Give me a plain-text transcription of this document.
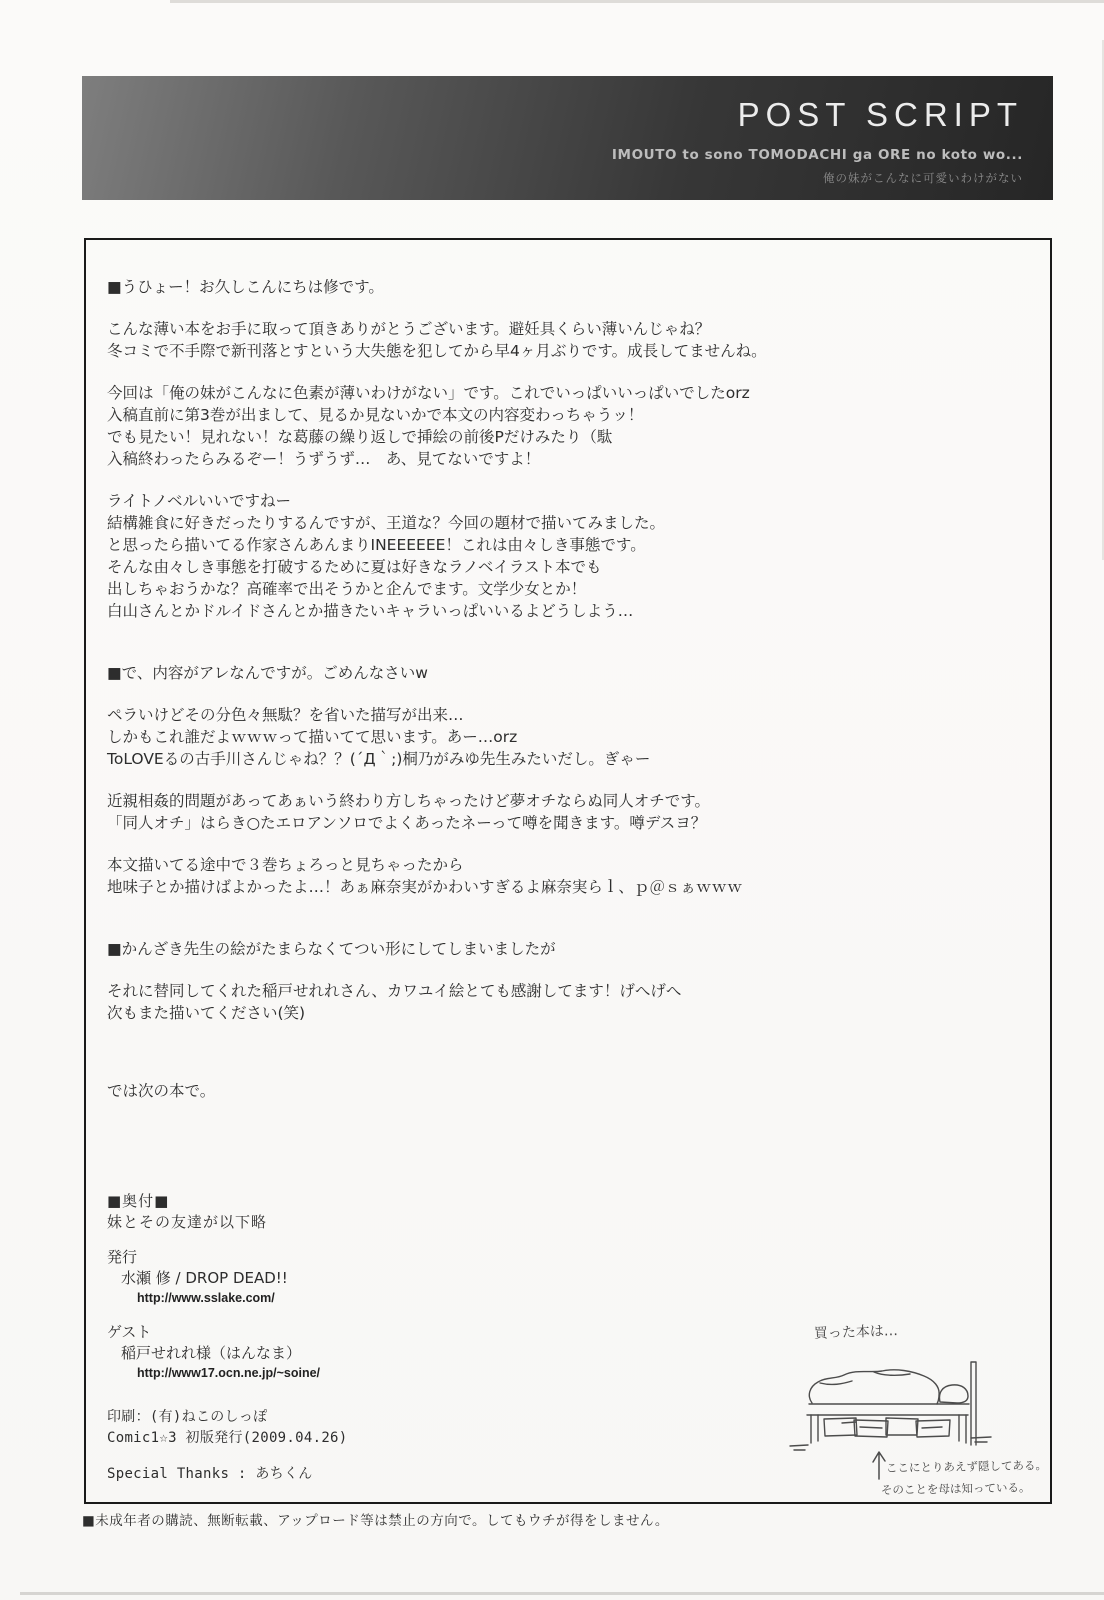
POST SCRIPT
IMOUTO to sono TOMODACHI ga ORE no koto wo...
俺の妹がこんなに可愛いわけがない

■うひょー！お久しこんにちは修です。

こんな薄い本をお手に取って頂きありがとうございます。避妊具くらい薄いんじゃね？
冬コミで不手際で新刊落とすという大失態を犯してから早4ヶ月ぶりです。成長してませんね。

今回は「俺の妹がこんなに色素が薄いわけがない」です。これでいっぱいいっぱいでしたorz
入稿直前に第3巻が出まして、見るか見ないかで本文の内容変わっちゃうッ！
でも見たい！見れない！な葛藤の繰り返しで挿絵の前後Pだけみたり（駄
入稿終わったらみるぞー！うずうず…　あ、見てないですよ！

ライトノベルいいですねー
結構雑食に好きだったりするんですが、王道な？今回の題材で描いてみました。
と思ったら描いてる作家さんあんまりINEEEEEE！これは由々しき事態です。
そんな由々しき事態を打破するために夏は好きなラノベイラスト本でも
出しちゃおうかな？高確率で出そうかと企んでます。文学少女とか！
白山さんとかドルイドさんとか描きたいキャラいっぱいいるよどうしよう…

■で、内容がアレなんですが。ごめんなさいw

ペラいけどその分色々無駄？を省いた描写が出来…
しかもこれ誰だよｗｗｗって描いてて思います。あー…orz
ToLOVEるの古手川さんじゃね？？(´Д｀;)桐乃がみゆ先生みたいだし。ぎゃー

近親相姦的問題があってあぁいう終わり方しちゃったけど夢オチならぬ同人オチです。
「同人オチ」はらき○たエロアンソロでよくあったネーって噂を聞きます。噂デスヨ？

本文描いてる途中で３巻ちょろっと見ちゃったから
地味子とか描けばよかったよ…！あぁ麻奈実がかわいすぎるよ麻奈実らｌ、ｐ＠ｓぁｗｗｗ

■かんざき先生の絵がたまらなくてつい形にしてしまいましたが

それに替同してくれた稲戸せれれさん、カワユイ絵とても感謝してます！げへげへ
次もまた描いてください(笑)

では次の本で。

■奥付■
妹とその友達が以下略
発行
水瀬 修 / DROP DEAD!!
http://www.sslake.com/
ゲスト
稲戸せれれ様（はんなま）
http://www17.ocn.ne.jp/~soine/
印刷：(有)ねこのしっぽ
Comic1☆3 初版発行(2009.04.26)
Special Thanks : あちくん
買った本は…
ここにとりあえず隠してある。
そのことを母は知っている。
■未成年者の購読、無断転載、アップロード等は禁止の方向で。してもウチが得をしません。
